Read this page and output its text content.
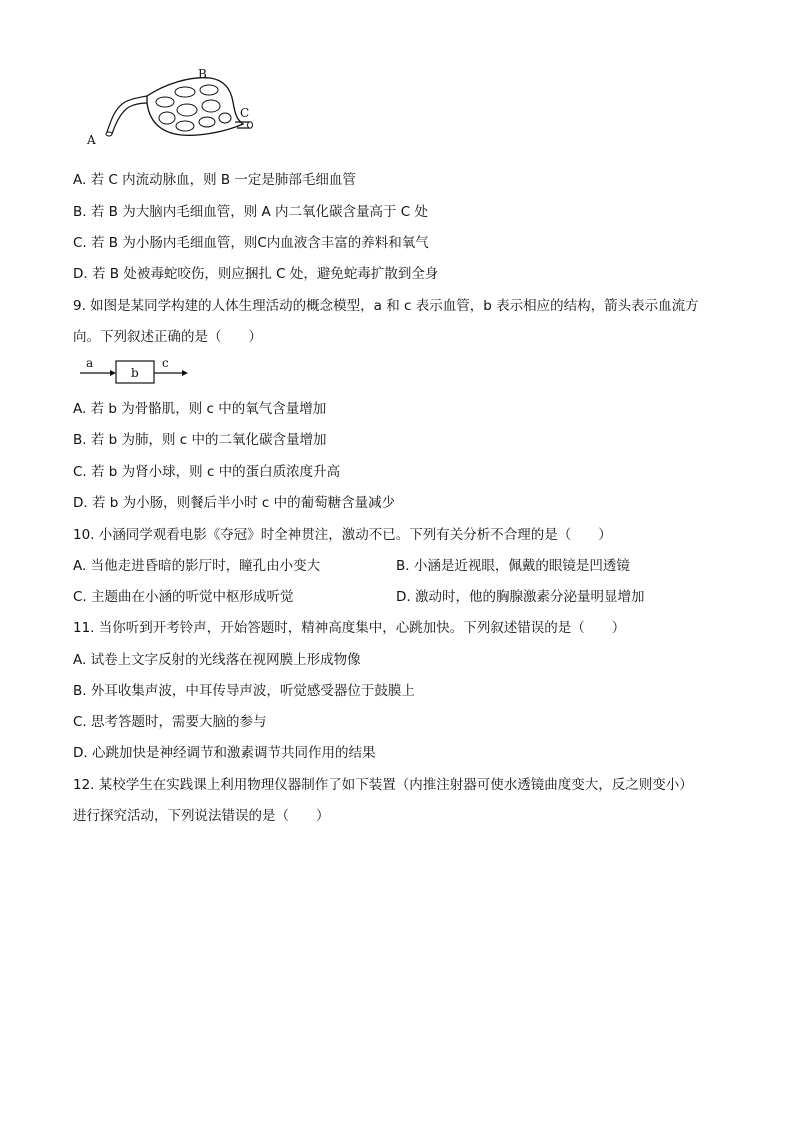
A
B
C
A. 若 C 内流动脉血，则 B 一定是肺部毛细血管
B. 若 B 为大脑内毛细血管，则 A 内二氧化碳含量高于 C 处
C. 若 B 为小肠内毛细血管，则C内血液含丰富的养料和氧气
D. 若 B 处被毒蛇咬伤，则应捆扎 C 处，避免蛇毒扩散到全身
9. 如图是某同学构建的人体生理活动的概念模型，a 和 c 表示血管，b 表示相应的结构，箭头表示血流方
向。下列叙述正确的是（　　）
a
b
c
A. 若 b 为骨骼肌，则 c 中的氧气含量增加
B. 若 b 为肺，则 c 中的二氧化碳含量增加
C. 若 b 为肾小球，则 c 中的蛋白质浓度升高
D. 若 b 为小肠，则餐后半小时 c 中的葡萄糖含量减少
10. 小涵同学观看电影《夺冠》时全神贯注，激动不已。下列有关分析不合理的是（　　）
A. 当他走进昏暗的影厅时，瞳孔由小变大	B. 小涵是近视眼，佩戴的眼镜是凹透镜
C. 主题曲在小涵的听觉中枢形成听觉	D. 激动时，他的胸腺激素分泌量明显增加
11. 当你听到开考铃声，开始答题时，精神高度集中，心跳加快。下列叙述错误的是（　　）
A. 试卷上文字反射的光线落在视网膜上形成物像
B. 外耳收集声波，中耳传导声波，听觉感受器位于鼓膜上
C. 思考答题时，需要大脑的参与
D. 心跳加快是神经调节和激素调节共同作用的结果
12. 某校学生在实践课上利用物理仪器制作了如下装置（内推注射器可使水透镜曲度变大，反之则变小）
进行探究活动，下列说法错误的是（　　）
